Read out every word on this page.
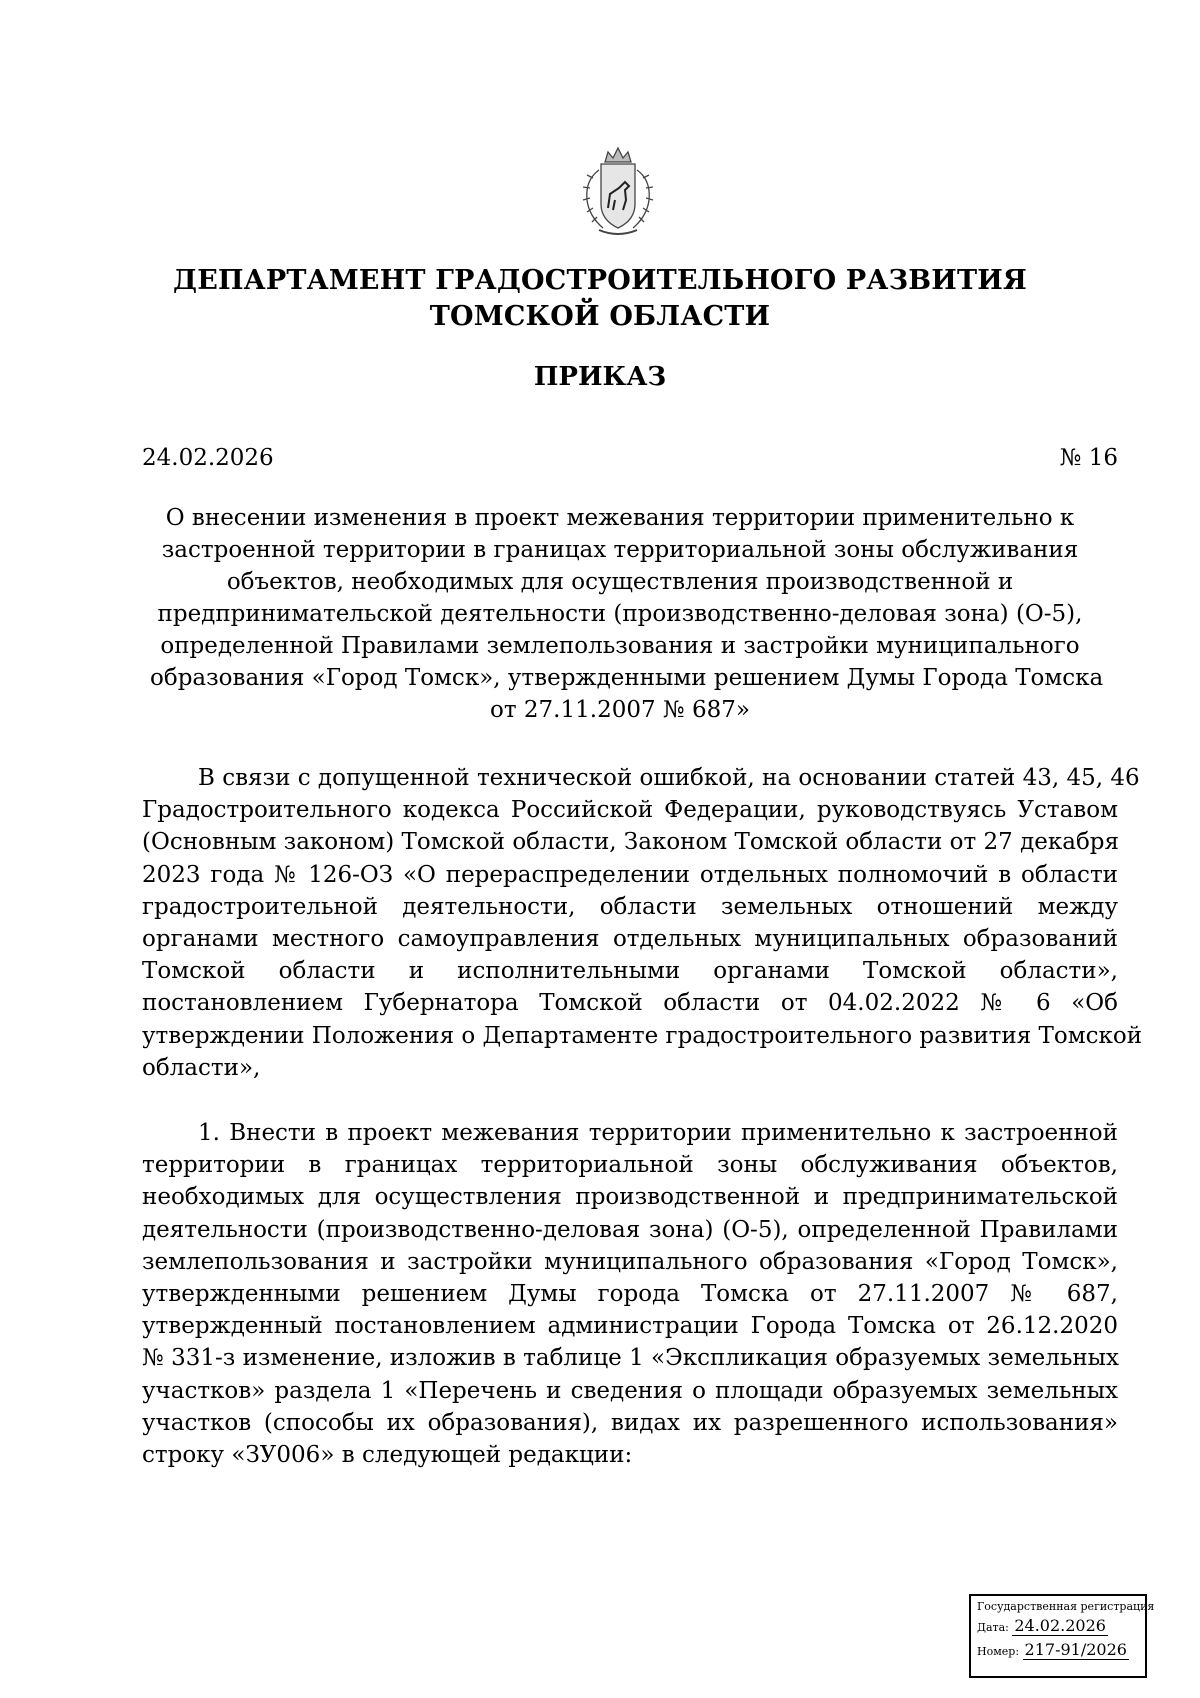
ДЕПАРТАМЕНТ ГРАДОСТРОИТЕЛЬНОГО РАЗВИТИЯ
ТОМСКОЙ ОБЛАСТИ
ПРИКАЗ
24.02.2026	№ 16
О внесении изменения в проект межевания территории применительно к
застроенной территории в границах территориальной зоны обслуживания
объектов, необходимых для осуществления производственной и
предпринимательской деятельности (производственно-деловая зона) (О-5),
определенной Правилами землепользования и застройки муниципального
образования «Город Томск», утвержденными решением Думы Города Томска
от 27.11.2007 № 687»
В связи с допущенной технической ошибкой, на основании статей 43, 45, 46
Градостроительного кодекса Российской Федерации, руководствуясь Уставом
(Основным законом) Томской области, Законом Томской области от 27 декабря
2023 года № 126-ОЗ «О перераспределении отдельных полномочий в области
градостроительной деятельности, области земельных отношений между
органами местного самоуправления отдельных муниципальных образований
Томской области и исполнительными органами Томской области»,
постановлением Губернатора Томской области от 04.02.2022 № 6 «Об
утверждении Положения о Департаменте градостроительного развития Томской
области»,
1. Внести в проект межевания территории применительно к застроенной
территории в границах территориальной зоны обслуживания объектов,
необходимых для осуществления производственной и предпринимательской
деятельности (производственно-деловая зона) (О-5), определенной Правилами
землепользования и застройки муниципального образования «Город Томск»,
утвержденными решением Думы города Томска от 27.11.2007 № 687,
утвержденный постановлением администрации Города Томска от 26.12.2020
№ 331-з изменение, изложив в таблице 1 «Экспликация образуемых земельных
участков» раздела 1 «Перечень и сведения о площади образуемых земельных
участков (способы их образования), видах их разрешенного использования»
строку «ЗУ006» в следующей редакции:
Государственная регистрация
Дата: 24.02.2026
Номер: 217-91/2026
